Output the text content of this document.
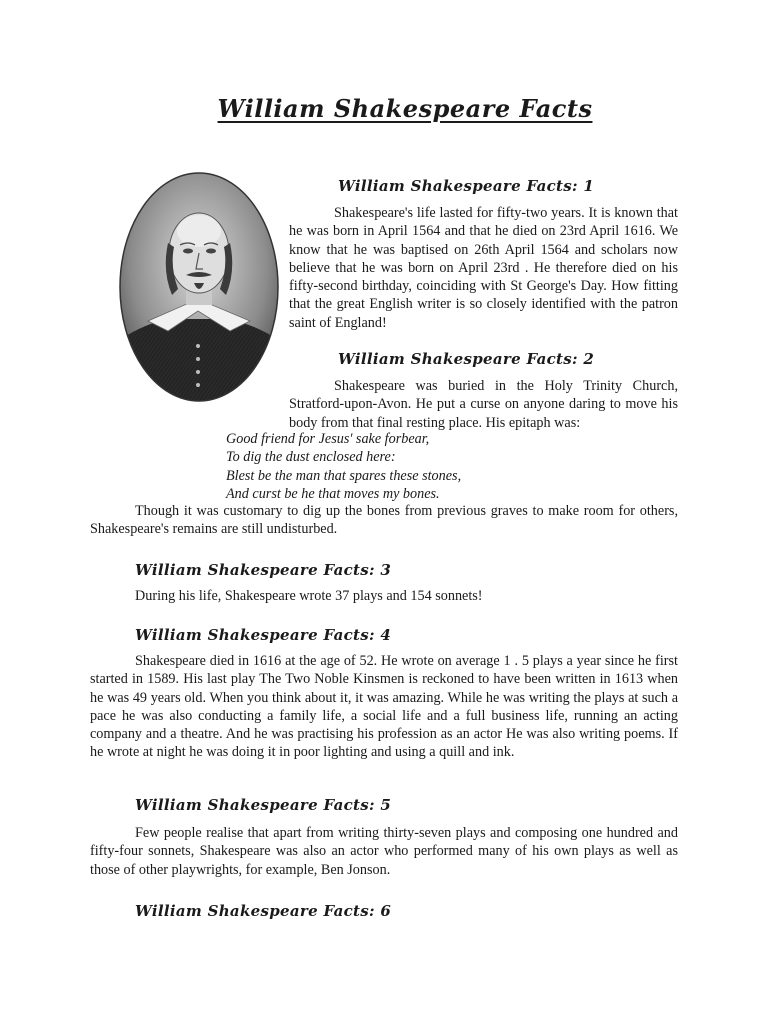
William Shakespeare Facts
William Shakespeare Facts: 1

Shakespeare's life lasted for fifty-two years. It is known that he was born in April 1564 and that he died on 23rd April 1616. We know that he was baptised on 26th April 1564 and scholars now believe that he was born on April 23rd . He therefore died on his fifty-second birthday, coinciding with St George's Day. How fitting that the great English writer is so closely identified with the patron saint of England!

William Shakespeare Facts: 2

Shakespeare was buried in the Holy Trinity Church, Stratford-upon-Avon. He put a curse on anyone daring to move his body from that final resting place. His epitaph was:

Good friend for Jesus' sake forbear,
To dig the dust enclosed here:
Blest be the man that spares these stones,
And curst be he that moves my bones.

Though it was customary to dig up the bones from previous graves to make room for others, Shakespeare's remains are still undisturbed.

William Shakespeare Facts: 3

During his life, Shakespeare wrote 37 plays and 154 sonnets!

William Shakespeare Facts: 4

Shakespeare died in 1616 at the age of 52. He wrote on average 1 . 5 plays a year since he first started in 1589. His last play The Two Noble Kinsmen is reckoned to have been written in 1613 when he was 49 years old. When you think about it, it was amazing. While he was writing the plays at such a pace he was also conducting a family life, a social life and a full business life, running an acting company and a theatre. And he was practising his profession as an actor He was also writing poems. If he wrote at night he was doing it in poor lighting and using a quill and ink.

William Shakespeare Facts: 5

Few people realise that apart from writing thirty-seven plays and composing one hundred and fifty-four sonnets, Shakespeare was also an actor who performed many of his own plays as well as those of other playwrights, for example, Ben Jonson.

William Shakespeare Facts: 6
